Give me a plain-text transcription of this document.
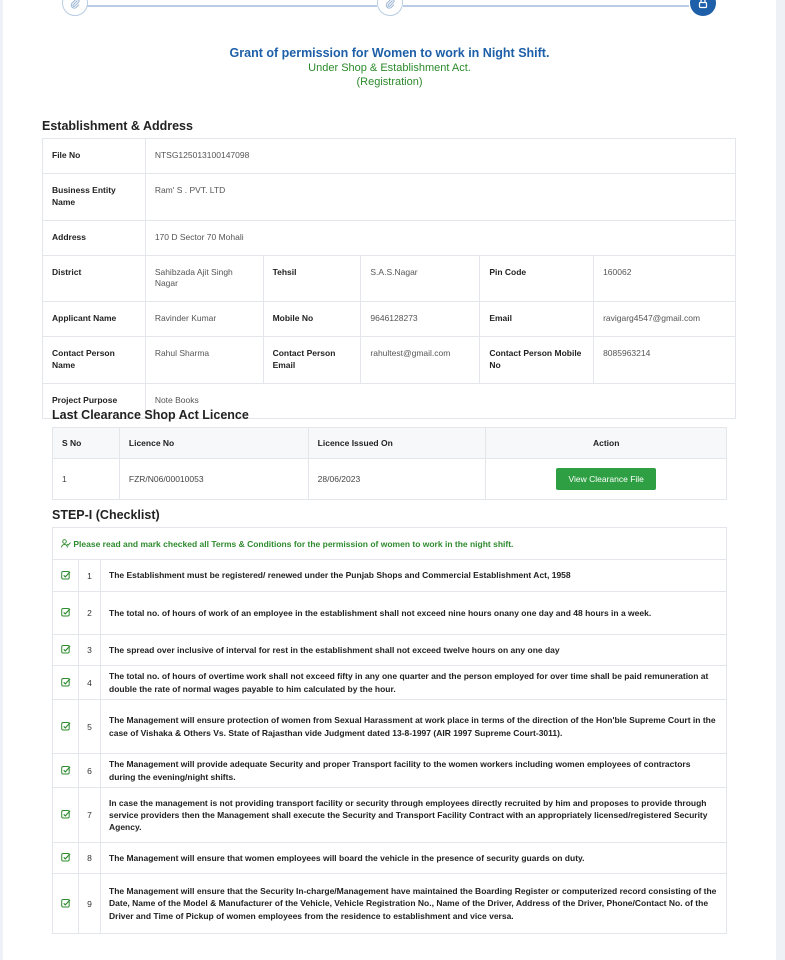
Grant of permission for Women to work in Night Shift.
Under Shop & Establishment Act.
(Registration)
Establishment & Address
File No	NTSG125013100147098				
Business Entity Name	Ram' S . PVT. LTD				
Address	170 D Sector 70 Mohali				
District	Sahibzada Ajit Singh Nagar	Tehsil	S.A.S.Nagar	Pin Code	160062
Applicant Name	Ravinder Kumar	Mobile No	9646128273	Email	ravigarg4547@gmail.com
Contact Person Name	Rahul Sharma	Contact Person Email	rahultest@gmail.com	Contact Person Mobile No	8085963214
Project Purpose	Note Books				
Last Clearance Shop Act Licence
S No	Licence No	Licence Issued On	Action
1	FZR/N06/00010053	28/06/2023	View Clearance File
STEP-I (Checklist)
Please read and mark checked all Terms & Conditions for the permission of women to work in the night shift.		
	1	The Establishment must be registered/ renewed under the Punjab Shops and Commercial Establishment Act, 1958
	2	The total no. of hours of work of an employee in the establishment shall not exceed nine hours onany one day and 48 hours in a week.
	3	The spread over inclusive of interval for rest in the establishment shall not exceed twelve hours on any one day
	4	The total no. of hours of overtime work shall not exceed fifty in any one quarter and the person employed for over time shall be paid remuneration at double the rate of normal wages payable to him calculated by the hour.
	5	The Management will ensure protection of women from Sexual Harassment at work place in terms of the direction of the Hon'ble Supreme Court in the case of Vishaka & Others Vs. State of Rajasthan vide Judgment dated 13-8-1997 (AIR 1997 Supreme Court-3011).
	6	The Management will provide adequate Security and proper Transport facility to the women workers including women employees of contractors during the evening/night shifts.
	7	In case the management is not providing transport facility or security through employees directly recruited by him and proposes to provide through service providers then the Management shall execute the Security and Transport Facility Contract with an appropriately licensed/registered Security Agency.
	8	The Management will ensure that women employees will board the vehicle in the presence of security guards on duty.
	9	The Management will ensure that the Security In-charge/Management have maintained the Boarding Register or computerized record consisting of the Date, Name of the Model & Manufacturer of the Vehicle, Vehicle Registration No., Name of the Driver, Address of the Driver, Phone/Contact No. of the Driver and Time of Pickup of women employees from the residence to establishment and vice versa.
